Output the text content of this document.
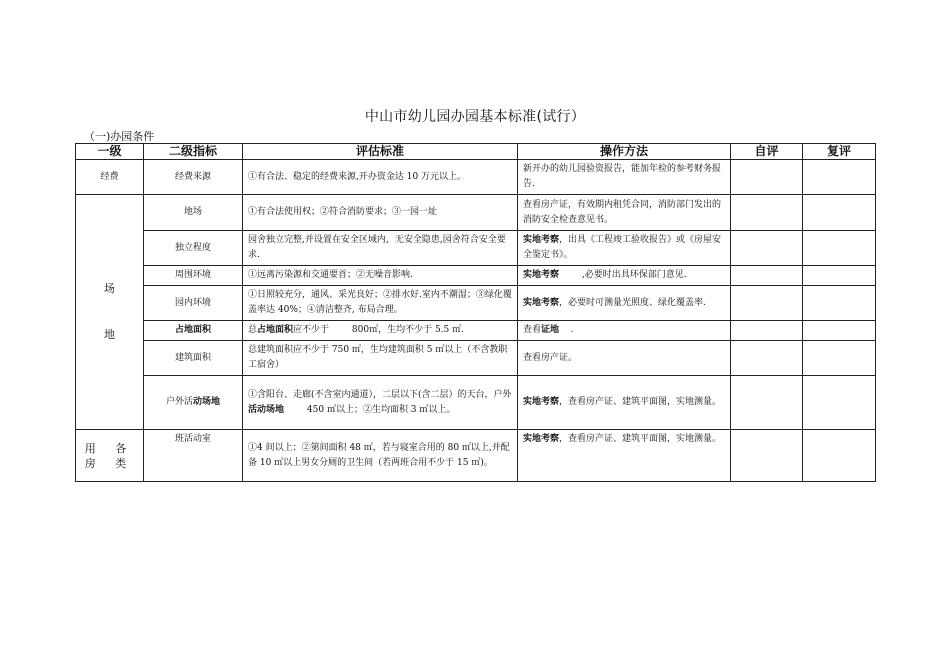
中山市幼儿园办园基本标准(试行）
（一)办园条件
一级	二级指标	评估标准	操作方法	自评	复评
经费	经费来源	①有合法、稳定的经费来源,开办资金达 10 万元以上。	新开办的幼儿园验资报告，能加年检的参考财务报告.		

场
地	地场	①有合法使用权；②符合消防要求；③一园一址	查看房产证，有效期内租凭合同，消防部门发出的消防安全检查意见书。		
	独立程度	园舍独立完整,并设置在安全区域内，无安全隐患,园舍符合安全要求.	实地考察，出具《工程竣工验收报告》或《房屋安全鉴定书》。		
	周围环境	①远离污染源和交通要首；②无噪音影响.	实地考察        ,必要时出具环保部门意见.		
	园内环境	①日照较充分，通风、采光良好；②排水好.室内不潮湿；③绿化覆盖率达 40%；④清洁整齐, 布局合理。	实地考察，必要时可测量光照度、绿化覆盖率.		
	占地面积	总占地面积应不少于        800㎡，生均不少于 5.5 ㎡.	查看证地    .		
	建筑面积	总建筑面积应不少于 750 ㎡，生均建筑面积 5 ㎡以上（不含教职工宿舍）	查看房产证。		
	户外活动场地	①含阳台、走廊(不含室内通道），二层以下(含二层）的天台，户外活动场地        450 ㎡以上；②生均面积 3 ㎡以上。	实地考察，查看房产证、建筑平面图，实地测量。		

用 各
房 类	班活动室	①4 间以上；②第间面积 48 ㎡，若与寝室合用的 80 ㎡以上,并配备 10 ㎡以上男女分厕的卫生间（若两班合用不少于 15 ㎡)。	实地考察，查看房产证、建筑平面图，实地测量。		
